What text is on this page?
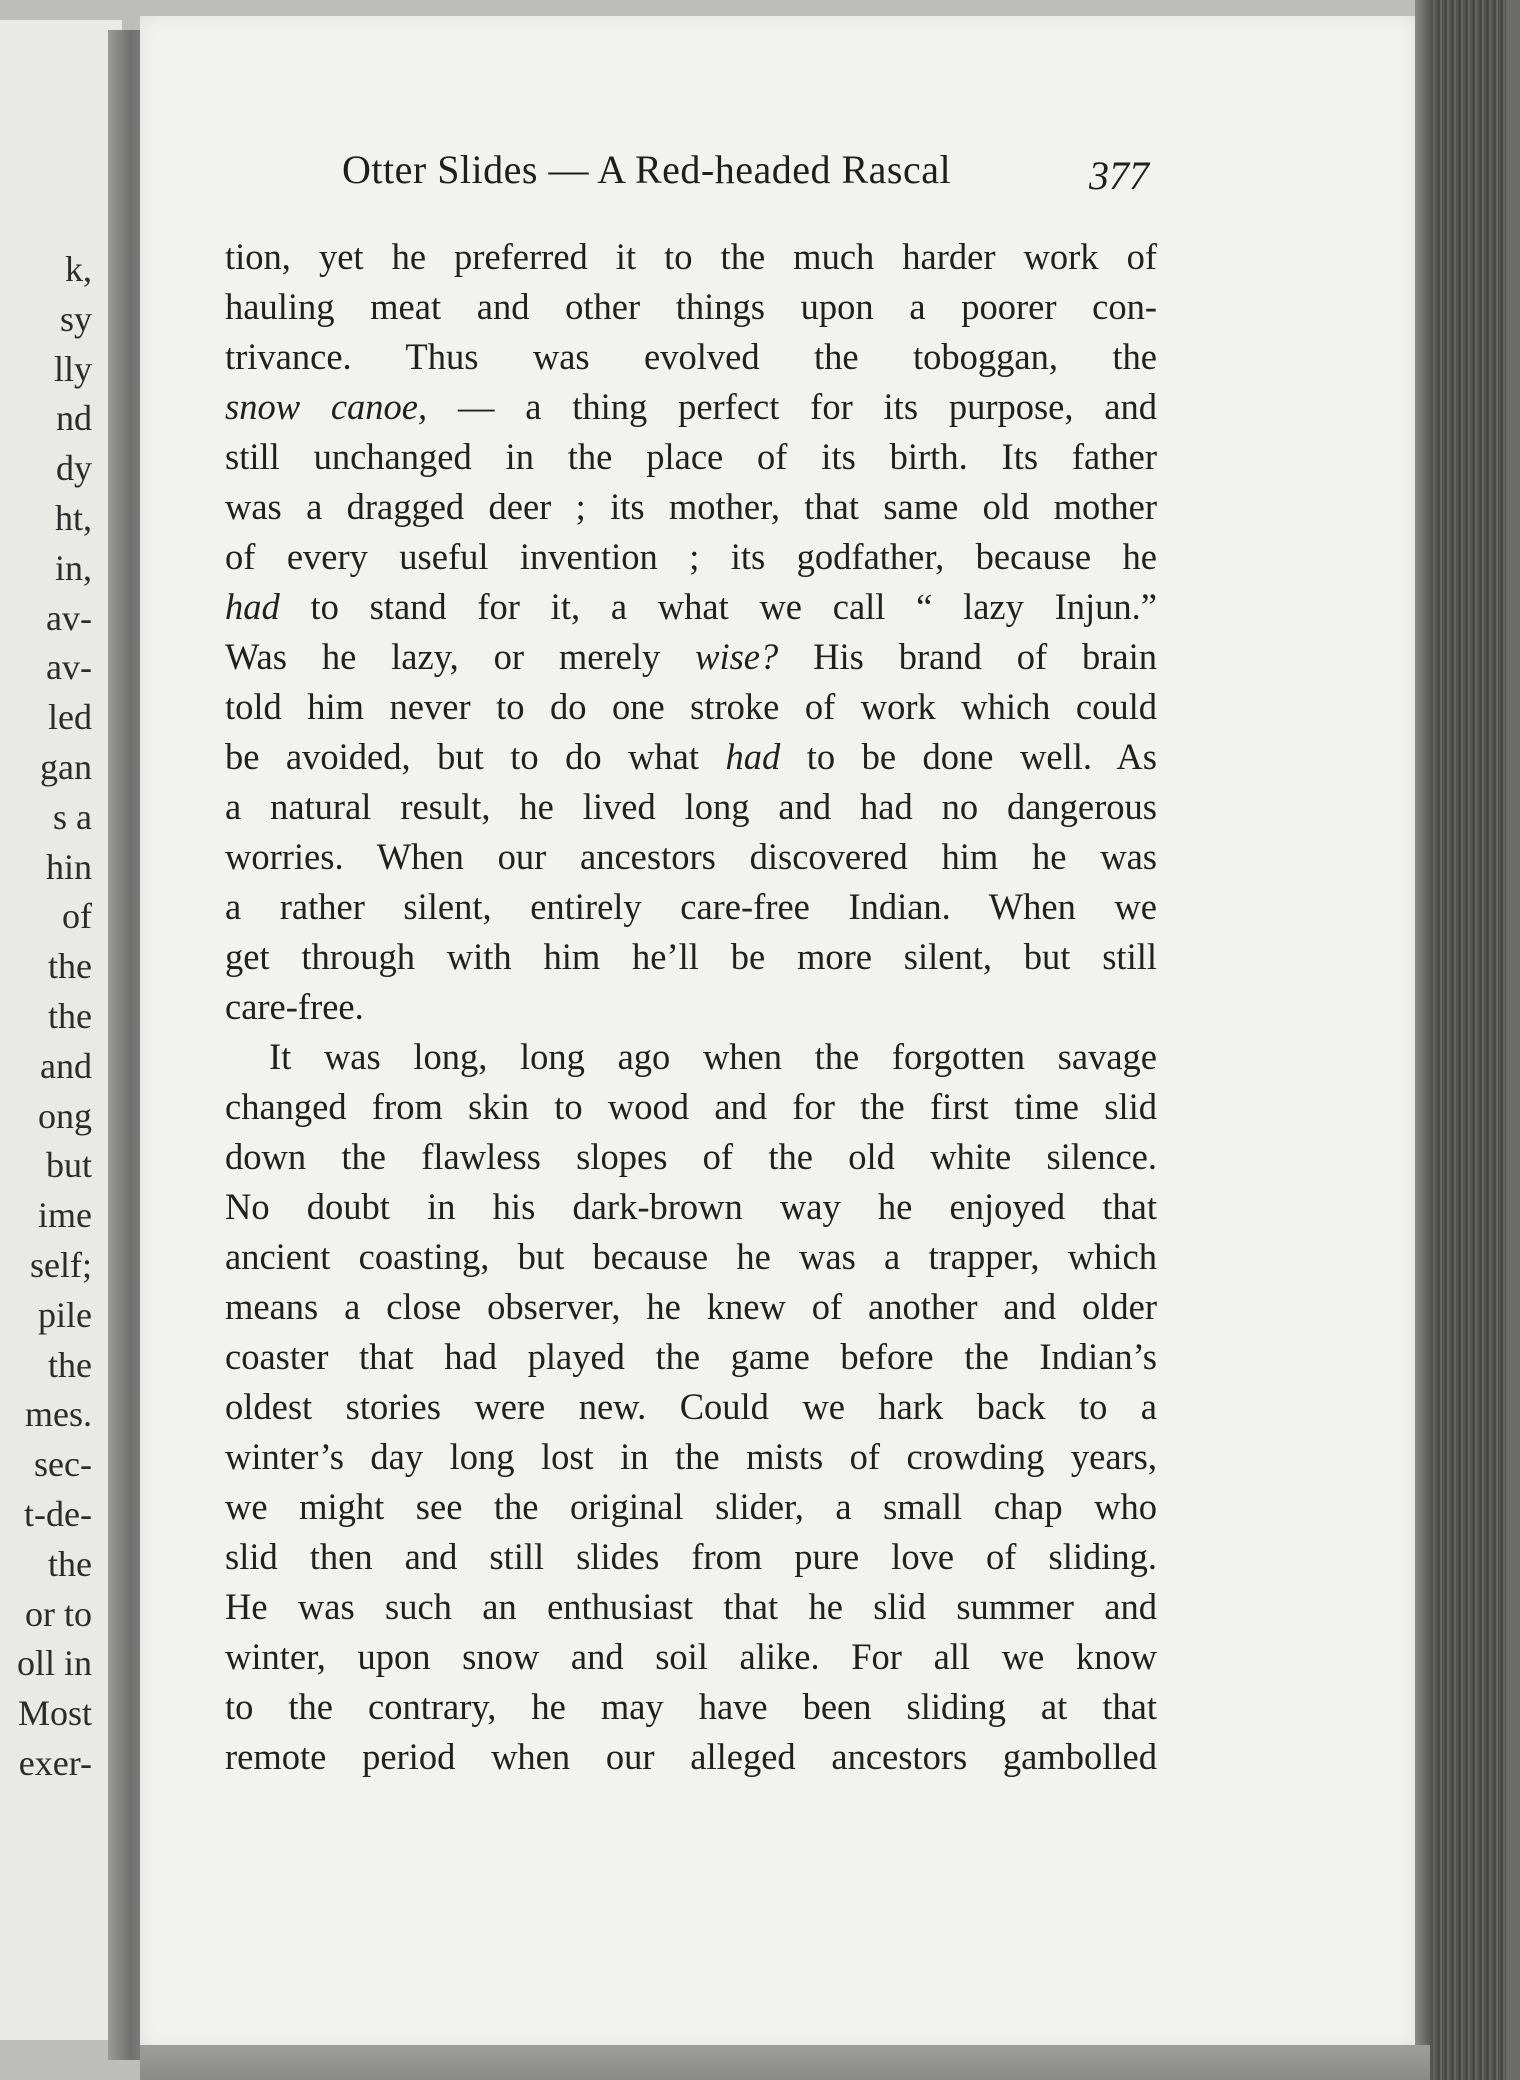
k,
sy
lly
nd
dy
ht,
in,
av-
av-
led
gan
s a
hin
of
the
the
and
ong
but
ime
self;
pile
the
mes.
sec-
t-de-
the
or to
oll in
Most
exer-
Otter Slides — A Red-headed Rascal	377
tion, yet he preferred it to the much harder work of
hauling meat and other things upon a poorer con-
trivance. Thus was evolved the toboggan, the
snow canoe, — a thing perfect for its purpose, and
still unchanged in the place of its birth. Its father
was a dragged deer ; its mother, that same old mother
of every useful invention ; its godfather, because he
had to stand for it, a what we call “ lazy Injun.”
Was he lazy, or merely wise? His brand of brain
told him never to do one stroke of work which could
be avoided, but to do what had to be done well. As
a natural result, he lived long and had no dangerous
worries. When our ancestors discovered him he was
a rather silent, entirely care-free Indian. When we
get through with him he’ll be more silent, but still
care-free.
It was long, long ago when the forgotten savage
changed from skin to wood and for the first time slid
down the flawless slopes of the old white silence.
No doubt in his dark-brown way he enjoyed that
ancient coasting, but because he was a trapper, which
means a close observer, he knew of another and older
coaster that had played the game before the Indian’s
oldest stories were new. Could we hark back to a
winter’s day long lost in the mists of crowding years,
we might see the original slider, a small chap who
slid then and still slides from pure love of sliding.
He was such an enthusiast that he slid summer and
winter, upon snow and soil alike. For all we know
to the contrary, he may have been sliding at that
remote period when our alleged ancestors gambolled
